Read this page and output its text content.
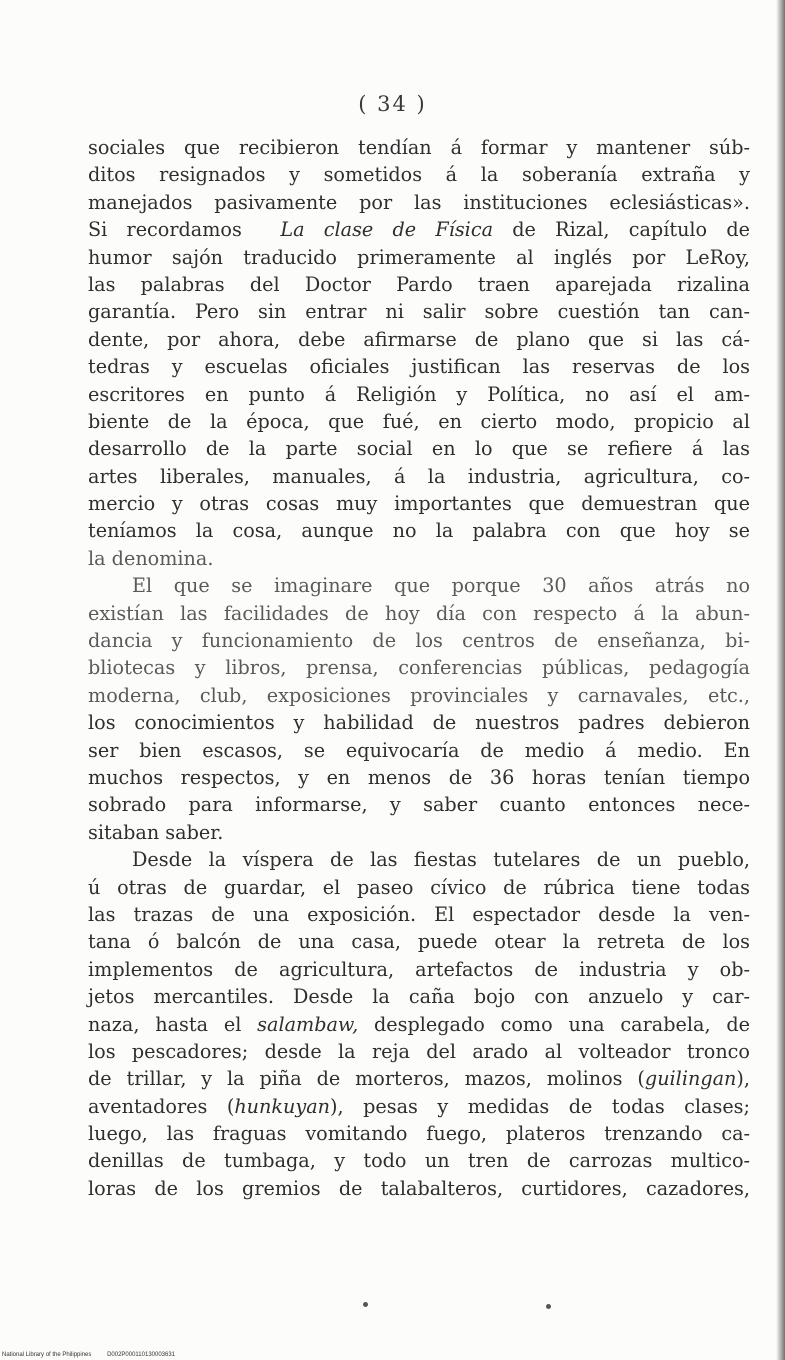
( 34 )
sociales que recibieron tendían á formar y mantener súb-
ditos resignados y sometidos á la soberanía extraña y
manejados pasivamente por las instituciones eclesiásticas».
Si recordamos La clase de Física de Rizal, capítulo de
humor sajón traducido primeramente al inglés por LeRoy,
las palabras del Doctor Pardo traen aparejada rizalina
garantía. Pero sin entrar ni salir sobre cuestión tan can-
dente, por ahora, debe afirmarse de plano que si las cá-
tedras y escuelas oficiales justifican las reservas de los
escritores en punto á Religión y Política, no así el am-
biente de la época, que fué, en cierto modo, propicio al
desarrollo de la parte social en lo que se refiere á las
artes liberales, manuales, á la industria, agricultura, co-
mercio y otras cosas muy importantes que demuestran que
teníamos la cosa, aunque no la palabra con que hoy se
la denomina.
El que se imaginare que porque 30 años atrás no
existían las facilidades de hoy día con respecto á la abun-
dancia y funcionamiento de los centros de enseñanza, bi-
bliotecas y libros, prensa, conferencias públicas, pedagogía
moderna, club, exposiciones provinciales y carnavales, etc.,
los conocimientos y habilidad de nuestros padres debieron
ser bien escasos, se equivocaría de medio á medio. En
muchos respectos, y en menos de 36 horas tenían tiempo
sobrado para informarse, y saber cuanto entonces nece-
sitaban saber.
Desde la víspera de las fiestas tutelares de un pueblo,
ú otras de guardar, el paseo cívico de rúbrica tiene todas
las trazas de una exposición. El espectador desde la ven-
tana ó balcón de una casa, puede otear la retreta de los
implementos de agricultura, artefactos de industria y ob-
jetos mercantiles. Desde la caña bojo con anzuelo y car-
naza, hasta el salambaw, desplegado como una carabela, de
los pescadores; desde la reja del arado al volteador tronco
de trillar, y la piña de morteros, mazos, molinos (guilingan),
aventadores (hunkuyan), pesas y medidas de todas clases;
luego, las fraguas vomitando fuego, plateros trenzando ca-
denillas de tumbaga, y todo un tren de carrozas multico-
loras de los gremios de talabalteros, curtidores, cazadores,
National Library of the Philippines	D002P000110130003631
